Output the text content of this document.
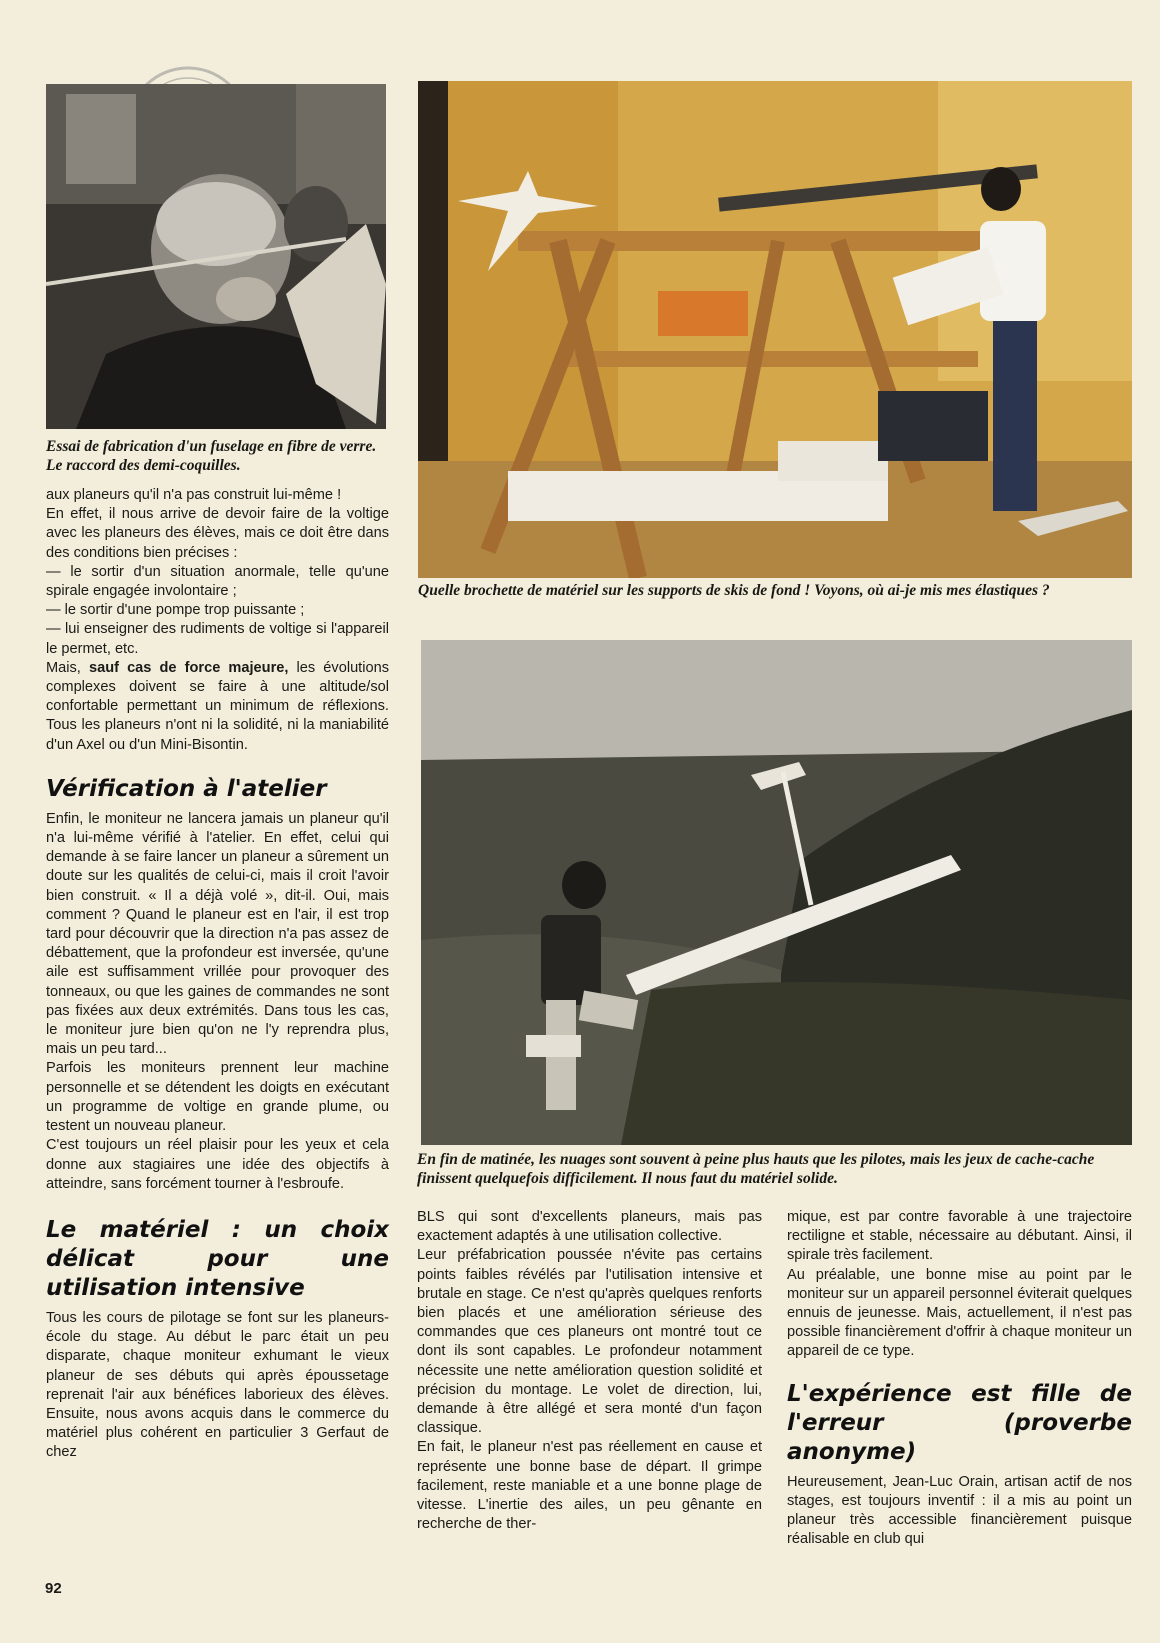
Essai de fabrication d'un fuselage en fibre de verre. Le raccord des demi-coquilles.
Quelle brochette de matériel sur les supports de skis de fond ! Voyons, où ai-je mis mes élastiques ?
En fin de matinée, les nuages sont souvent à peine plus hauts que les pilotes, mais les jeux de cache-cache finissent quelquefois difficilement. Il nous faut du matériel solide.

aux planeurs qu'il n'a pas construit lui-même !

En effet, il nous arrive de devoir faire de la voltige avec les planeurs des élèves, mais ce doit être dans des conditions bien précises :

— le sortir d'un situation anormale, telle qu'une spirale engagée involontaire ;

— le sortir d'une pompe trop puissante ;

— lui enseigner des rudiments de voltige si l'appareil le permet, etc.

Mais, sauf cas de force majeure, les évolutions complexes doivent se faire à une altitude/sol confortable permettant un minimum de réflexions. Tous les planeurs n'ont ni la solidité, ni la maniabilité d'un Axel ou d'un Mini-Bisontin.

Vérification à l'atelier

Enfin, le moniteur ne lancera jamais un planeur qu'il n'a lui-même vérifié à l'atelier. En effet, celui qui demande à se faire lancer un planeur a sûrement un doute sur les qualités de celui-ci, mais il croit l'avoir bien construit. « Il a déjà volé », dit-il. Oui, mais comment ? Quand le planeur est en l'air, il est trop tard pour découvrir que la direction n'a pas assez de débattement, que la profondeur est inversée, qu'une aile est suffisamment vrillée pour provoquer des tonneaux, ou que les gaines de commandes ne sont pas fixées aux deux extrémités. Dans tous les cas, le moniteur jure bien qu'on ne l'y reprendra plus, mais un peu tard...

Parfois les moniteurs prennent leur machine personnelle et se détendent les doigts en exécutant un programme de voltige en grande plume, ou testent un nouveau planeur.

C'est toujours un réel plaisir pour les yeux et cela donne aux stagiaires une idée des objectifs à atteindre, sans forcément tourner à l'esbroufe.

Le matériel : un choix délicat pour une utilisation intensive

Tous les cours de pilotage se font sur les planeurs-école du stage. Au début le parc était un peu disparate, chaque moniteur exhumant le vieux planeur de ses débuts qui après époussetage reprenait l'air aux bénéfices laborieux des élèves. Ensuite, nous avons acquis dans le commerce du matériel plus cohérent en particulier 3 Gerfaut de chez

BLS qui sont d'excellents planeurs, mais pas exactement adaptés à une utilisation collective.

Leur préfabrication poussée n'évite pas certains points faibles révélés par l'utilisation intensive et brutale en stage. Ce n'est qu'après quelques renforts bien placés et une amélioration sérieuse des commandes que ces planeurs ont montré tout ce dont ils sont capables. Le profondeur notamment nécessite une nette amélioration question solidité et précision du montage. Le volet de direction, lui, demande à être allégé et sera monté d'un façon classique.

En fait, le planeur n'est pas réellement en cause et représente une bonne base de départ. Il grimpe facilement, reste maniable et a une bonne plage de vitesse. L'inertie des ailes, un peu gênante en recherche de ther-

mique, est par contre favorable à une trajectoire rectiligne et stable, nécessaire au débutant. Ainsi, il spirale très facilement.

Au préalable, une bonne mise au point par le moniteur sur un appareil personnel éviterait quelques ennuis de jeunesse. Mais, actuellement, il n'est pas possible financièrement d'offrir à chaque moniteur un appareil de ce type.

L'expérience est fille de l'erreur (proverbe anonyme)

Heureusement, Jean-Luc Orain, artisan actif de nos stages, est toujours inventif : il a mis au point un planeur très accessible financièrement puisque réalisable en club qui

92
